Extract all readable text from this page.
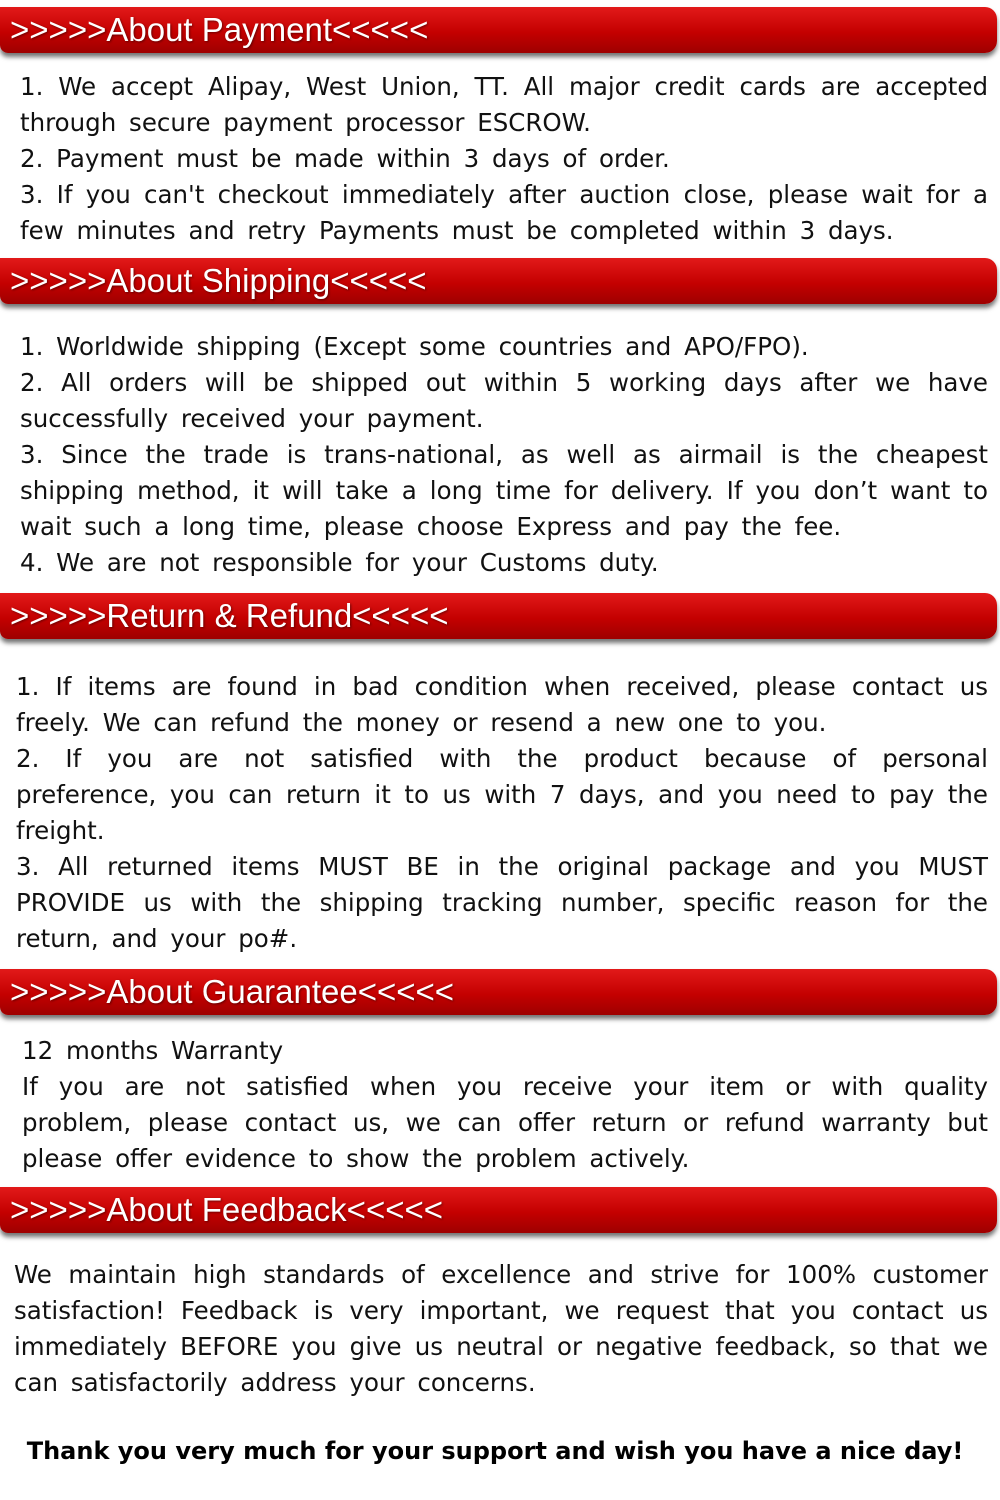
>>>>>About Payment<<<<<
1. We accept Alipay, West Union, TT. All major credit cards are accepted through secure payment processor ESCROW.
2. Payment must be made within 3 days of order.
3. If you can't checkout immediately after auction close, please wait for a few minutes and retry Payments must be completed within 3 days.
>>>>>About Shipping<<<<<
1. Worldwide shipping (Except some countries and APO/FPO).
2. All orders will be shipped out within 5 working days after we have successfully received your payment.
3. Since the trade is trans-national, as well as airmail is the cheapest shipping method, it will take a long time for delivery. If you don’t want to wait such a long time, please choose Express and pay the fee.
4. We are not responsible for your Customs duty.
>>>>>Return & Refund<<<<<
1. If items are found in bad condition when received, please contact us freely. We can refund the money or resend a new one to you.
2. If you are not satisfied with the product because of personal preference, you can return it to us with 7 days, and you need to pay the freight.
3. All returned items MUST BE in the original package and you MUST PROVIDE us with the shipping tracking number, specific reason for the return, and your po#.
>>>>>About Guarantee<<<<<
12 months Warranty
If you are not satisfied when you receive your item or with quality problem, please contact us, we can offer return or refund warranty but please offer evidence to show the problem actively.
>>>>>About Feedback<<<<<
We maintain high standards of excellence and strive for 100% customer satisfaction! Feedback is very important, we request that you contact us immediately BEFORE you give us neutral or negative feedback, so that we can satisfactorily address your concerns.
Thank you very much for your support and wish you have a nice day!
